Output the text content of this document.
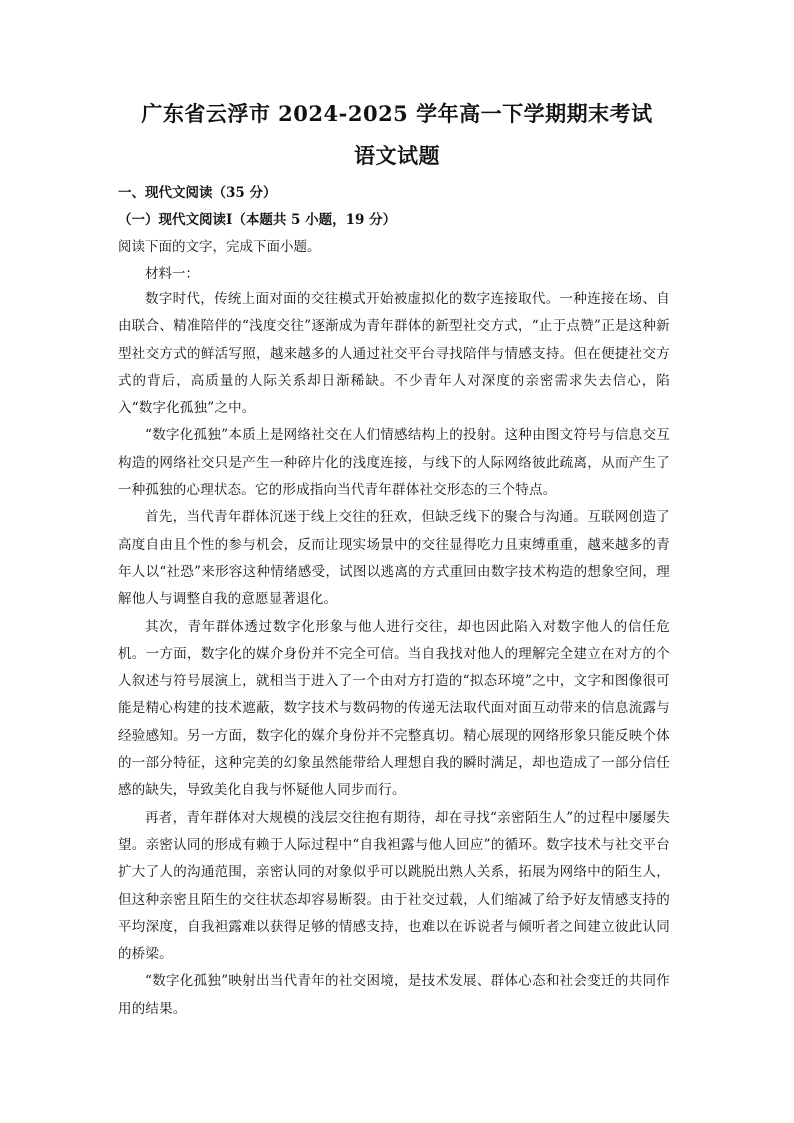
广东省云浮市 2024-2025 学年高一下学期期末考试
语文试题
一、现代文阅读（35 分）
（一）现代文阅读Ⅰ（本题共 5 小题，19 分）
阅读下面的文字，完成下面小题。
材料一：

数字时代，传统上面对面的交往模式开始被虚拟化的数字连接取代。一种连接在场、自由联合、精准陪伴的“浅度交往”逐渐成为青年群体的新型社交方式，“止于点赞”正是这种新型社交方式的鲜活写照，越来越多的人通过社交平台寻找陪伴与情感支持。但在便捷社交方式的背后，高质量的人际关系却日渐稀缺。不少青年人对深度的亲密需求失去信心，陷入“数字化孤独”之中。

“数字化孤独”本质上是网络社交在人们情感结构上的投射。这种由图文符号与信息交互构造的网络社交只是产生一种碎片化的浅度连接，与线下的人际网络彼此疏离，从而产生了一种孤独的心理状态。它的形成指向当代青年群体社交形态的三个特点。

首先，当代青年群体沉迷于线上交往的狂欢，但缺乏线下的聚合与沟通。互联网创造了高度自由且个性的参与机会，反而让现实场景中的交往显得吃力且束缚重重，越来越多的青年人以“社恐”来形容这种情绪感受，试图以逃离的方式重回由数字技术构造的想象空间，理解他人与调整自我的意愿显著退化。

其次，青年群体透过数字化形象与他人进行交往，却也因此陷入对数字他人的信任危机。一方面，数字化的媒介身份并不完全可信。当自我找对他人的理解完全建立在对方的个人叙述与符号展演上，就相当于进入了一个由对方打造的“拟态环境”之中，文字和图像很可能是精心构建的技术遮蔽，数字技术与数码物的传递无法取代面对面互动带来的信息流露与经验感知。另一方面，数字化的媒介身份并不完整真切。精心展现的网络形象只能反映个体的一部分特征，这种完美的幻象虽然能带给人理想自我的瞬时满足，却也造成了一部分信任感的缺失，导致美化自我与怀疑他人同步而行。

再者，青年群体对大规模的浅层交往抱有期待，却在寻找“亲密陌生人”的过程中屡屡失望。亲密认同的形成有赖于人际过程中“自我袒露与他人回应”的循环。数字技术与社交平台扩大了人的沟通范围，亲密认同的对象似乎可以跳脱出熟人关系，拓展为网络中的陌生人，但这种亲密且陌生的交往状态却容易断裂。由于社交过载，人们缩减了给予好友情感支持的平均深度，自我袒露难以获得足够的情感支持，也难以在诉说者与倾听者之间建立彼此认同的桥梁。

“数字化孤独”映射出当代青年的社交困境，是技术发展、群体心态和社会变迁的共同作用的结果。
